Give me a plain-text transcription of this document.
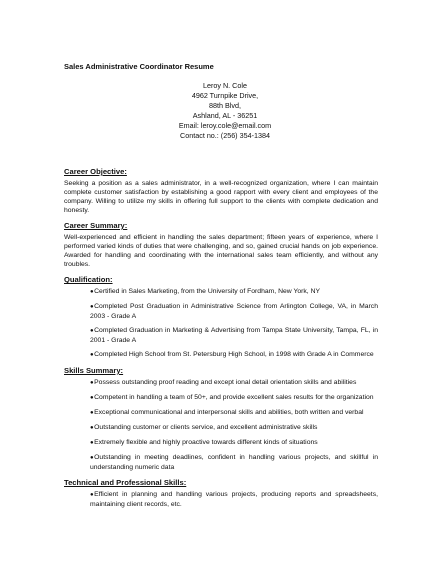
Sales Administrative Coordinator Resume
Leroy N. Cole
4962 Turnpike Drive,
88th Blvd,
Ashland, AL - 36251
Email: leroy.cole@email.com
Contact no.: (256) 354-1384
Career Objective:
Seeking a position as a sales administrator, in a well-recognized organization, where I can maintain complete customer satisfaction by establishing a good rapport with every client and employees of the company. Willing to utilize my skills in offering full support to the clients with complete dedication and honesty.
Career Summary:
Well-experienced and efficient in handling the sales department; fifteen years of experience, where I performed varied kinds of duties that were challenging, and so, gained crucial hands on job experience. Awarded for handling and coordinating with the international sales team efficiently, and without any troubles.
Qualification:
●Certified in Sales Marketing, from the University of Fordham, New York, NY
●Completed Post Graduation in Administrative Science from Arlington College, VA, in March 2003 - Grade A
●Completed Graduation in Marketing & Advertising from Tampa State University, Tampa, FL, in 2001 - Grade A
●Completed High School from St. Petersburg High School, in 1998 with Grade A in Commerce
Skills Summary:
●Possess outstanding proof reading and except ional detail orientation skills and abilities
●Competent in handling a team of 50+, and provide excellent sales results for the organization
●Exceptional communicational and interpersonal skills and abilities, both written and verbal
●Outstanding customer or clients service, and excellent administrative skills
●Extremely flexible and highly proactive towards different kinds of situations
●Outstanding in meeting deadlines, confident in handling various projects, and skillful in understanding numeric data
Technical and Professional Skills:
●Efficient in planning and handling various projects, producing reports and spreadsheets, maintaining client records, etc.
